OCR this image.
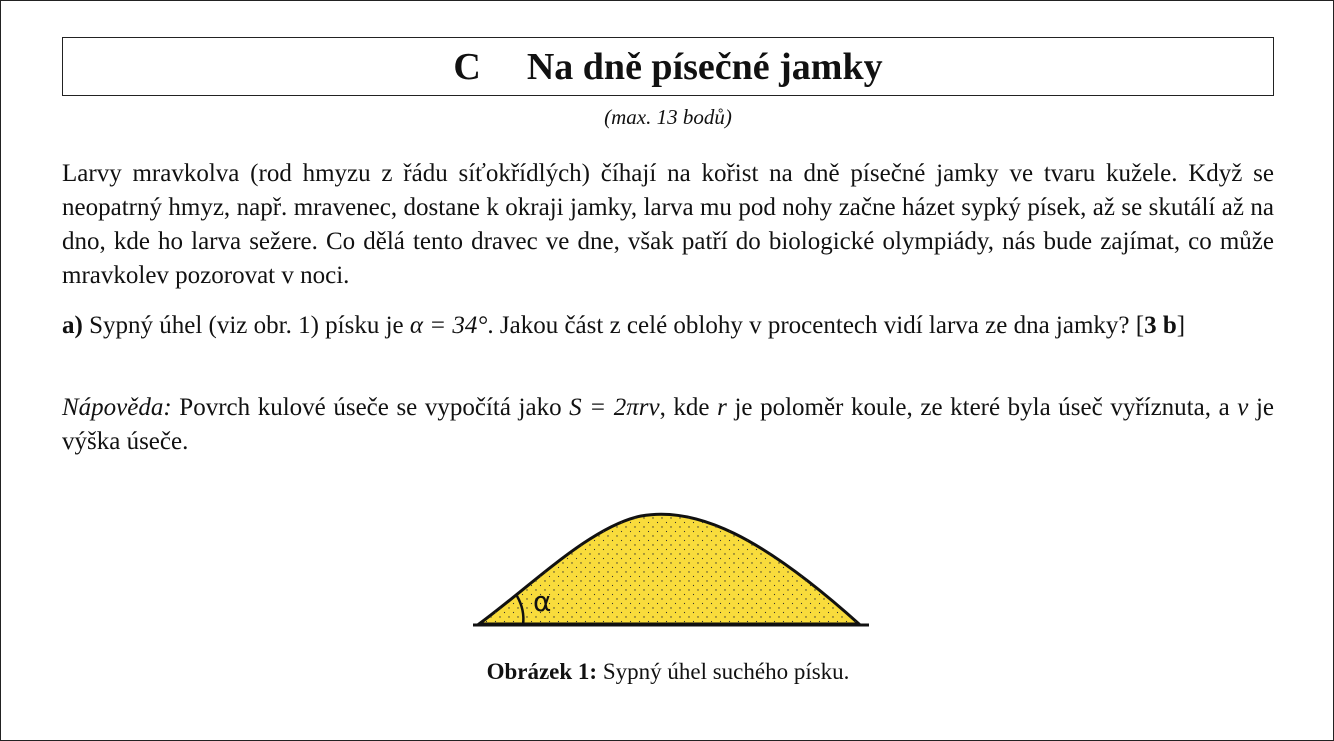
C Na dně písečné jamky
(max. 13 bodů)
Larvy mravkolva (rod hmyzu z řádu síťokřídlých) číhají na kořist na dně písečné jamky ve tvaru kužele. Když se neopatrný hmyz, např. mravenec, dostane k okraji jamky, larva mu pod nohy začne házet sypký písek, až se skutálí až na dno, kde ho larva sežere. Co dělá tento dravec ve dne, však patří do biologické olympiády, nás bude zajímat, co může mravkolev pozorovat v noci.
a) Sypný úhel (viz obr. 1) písku je α = 34°. Jakou část z celé oblohy v procentech vidí larva ze dna jamky? [3 b]
Nápověda: Povrch kulové úseče se vypočítá jako S = 2πrv, kde r je poloměr koule, ze které byla úseč vyříznuta, a v je výška úseče.
α
Obrázek 1: Sypný úhel suchého písku.
